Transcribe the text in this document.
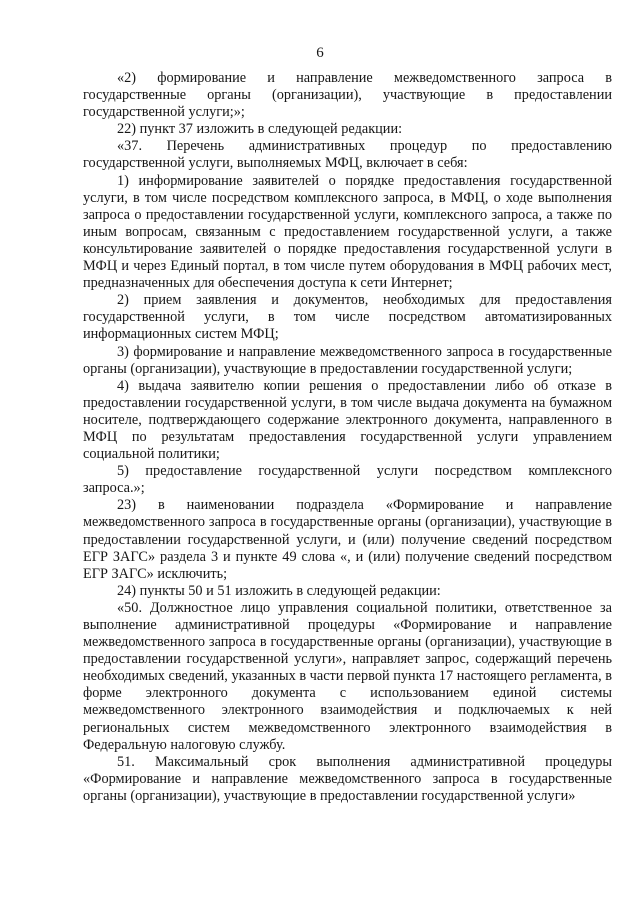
6

«2) формирование и направление межведомственного запроса в государственные органы (организации), участвующие в предоставлении государственной услуги;»;

22) пункт 37 изложить в следующей редакции:

«37. Перечень административных процедур по предоставлению государственной услуги, выполняемых МФЦ, включает в себя:

1) информирование заявителей о порядке предоставления государственной услуги, в том числе посредством комплексного запроса, в МФЦ, о ходе выполнения запроса о предоставлении государственной услуги, комплексного запроса, а также по иным вопросам, связанным с предоставлением государственной услуги, а также консультирование заявителей о порядке предоставления государственной услуги в МФЦ и через Единый портал, в том числе путем оборудования в МФЦ рабочих мест, предназначенных для обеспечения доступа к сети Интернет;

2) прием заявления и документов, необходимых для предоставления государственной услуги, в том числе посредством автоматизированных информационных систем МФЦ;

3) формирование и направление межведомственного запроса в государственные органы (организации), участвующие в предоставлении государственной услуги;

4) выдача заявителю копии решения о предоставлении либо об отказе в предоставлении государственной услуги, в том числе выдача документа на бумажном носителе, подтверждающего содержание электронного документа, направленного в МФЦ по результатам предоставления государственной услуги управлением социальной политики;

5) предоставление государственной услуги посредством комплексного запроса.»;

23) в наименовании подраздела «Формирование и направление межведомственного запроса в государственные органы (организации), участвующие в предоставлении государственной услуги, и (или) получение сведений посредством ЕГР ЗАГС» раздела 3 и пункте 49 слова «, и (или) получение сведений посредством ЕГР ЗАГС» исключить;

24) пункты 50 и 51 изложить в следующей редакции:

«50. Должностное лицо управления социальной политики, ответственное за выполнение административной процедуры «Формирование и направление межведомственного запроса в государственные органы (организации), участвующие в предоставлении государственной услуги», направляет запрос, содержащий перечень необходимых сведений, указанных в части первой пункта 17 настоящего регламента, в форме электронного документа с использованием единой системы межведомственного электронного взаимодействия и подключаемых к ней региональных систем межведомственного электронного взаимодействия в Федеральную налоговую службу.

51. Максимальный срок выполнения административной процедуры «Формирование и направление межведомственного запроса в государственные органы (организации), участвующие в предоставлении государственной услуги»
